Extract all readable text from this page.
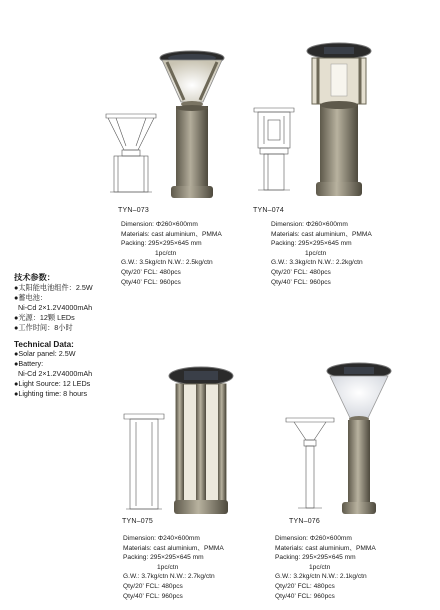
TYN–073	TYN–074
TYN–075	TYN–076
Dimension: Φ260×600mm
Materials: cast aluminium、PMMA
Packing: 295×295×645 mm
1pc/ctn
G.W.: 3.5kg/ctn N.W.: 2.5kg/ctn
Qty/20’ FCL: 480pcs
Qty/40’ FCL: 960pcs
Dimension: Φ260×600mm
Materials: cast aluminium、PMMA
Packing: 295×295×645 mm
1pc/ctn
G.W.: 3.3kg/ctn N.W.: 2.2kg/ctn
Qty/20’ FCL: 480pcs
Qty/40’ FCL: 960pcs
Dimension: Φ240×600mm
Materials: cast aluminium、PMMA
Packing: 295×295×645 mm
1pc/ctn
G.W.: 3.7kg/ctn N.W.: 2.7kg/ctn
Qty/20’ FCL: 480pcs
Qty/40’ FCL: 960pcs
Dimension: Φ260×600mm
Materials: cast aluminium、PMMA
Packing: 295×295×645 mm
1pc/ctn
G.W.: 3.2kg/ctn N.W.: 2.1kg/ctn
Qty/20’ FCL: 480pcs
Qty/40’ FCL: 960pcs
技术参数：
●太阳能电池组件：2.5W
●蓄电池：
Ni-Cd 2×1.2V4000mAh
●光源：12颗 LEDs
●工作时间：8小时
Technical Data:
●Solar panel: 2.5W
●Battery:
Ni-Cd 2×1.2V4000mAh
●Light Source: 12 LEDs
●Lighting time: 8 hours
